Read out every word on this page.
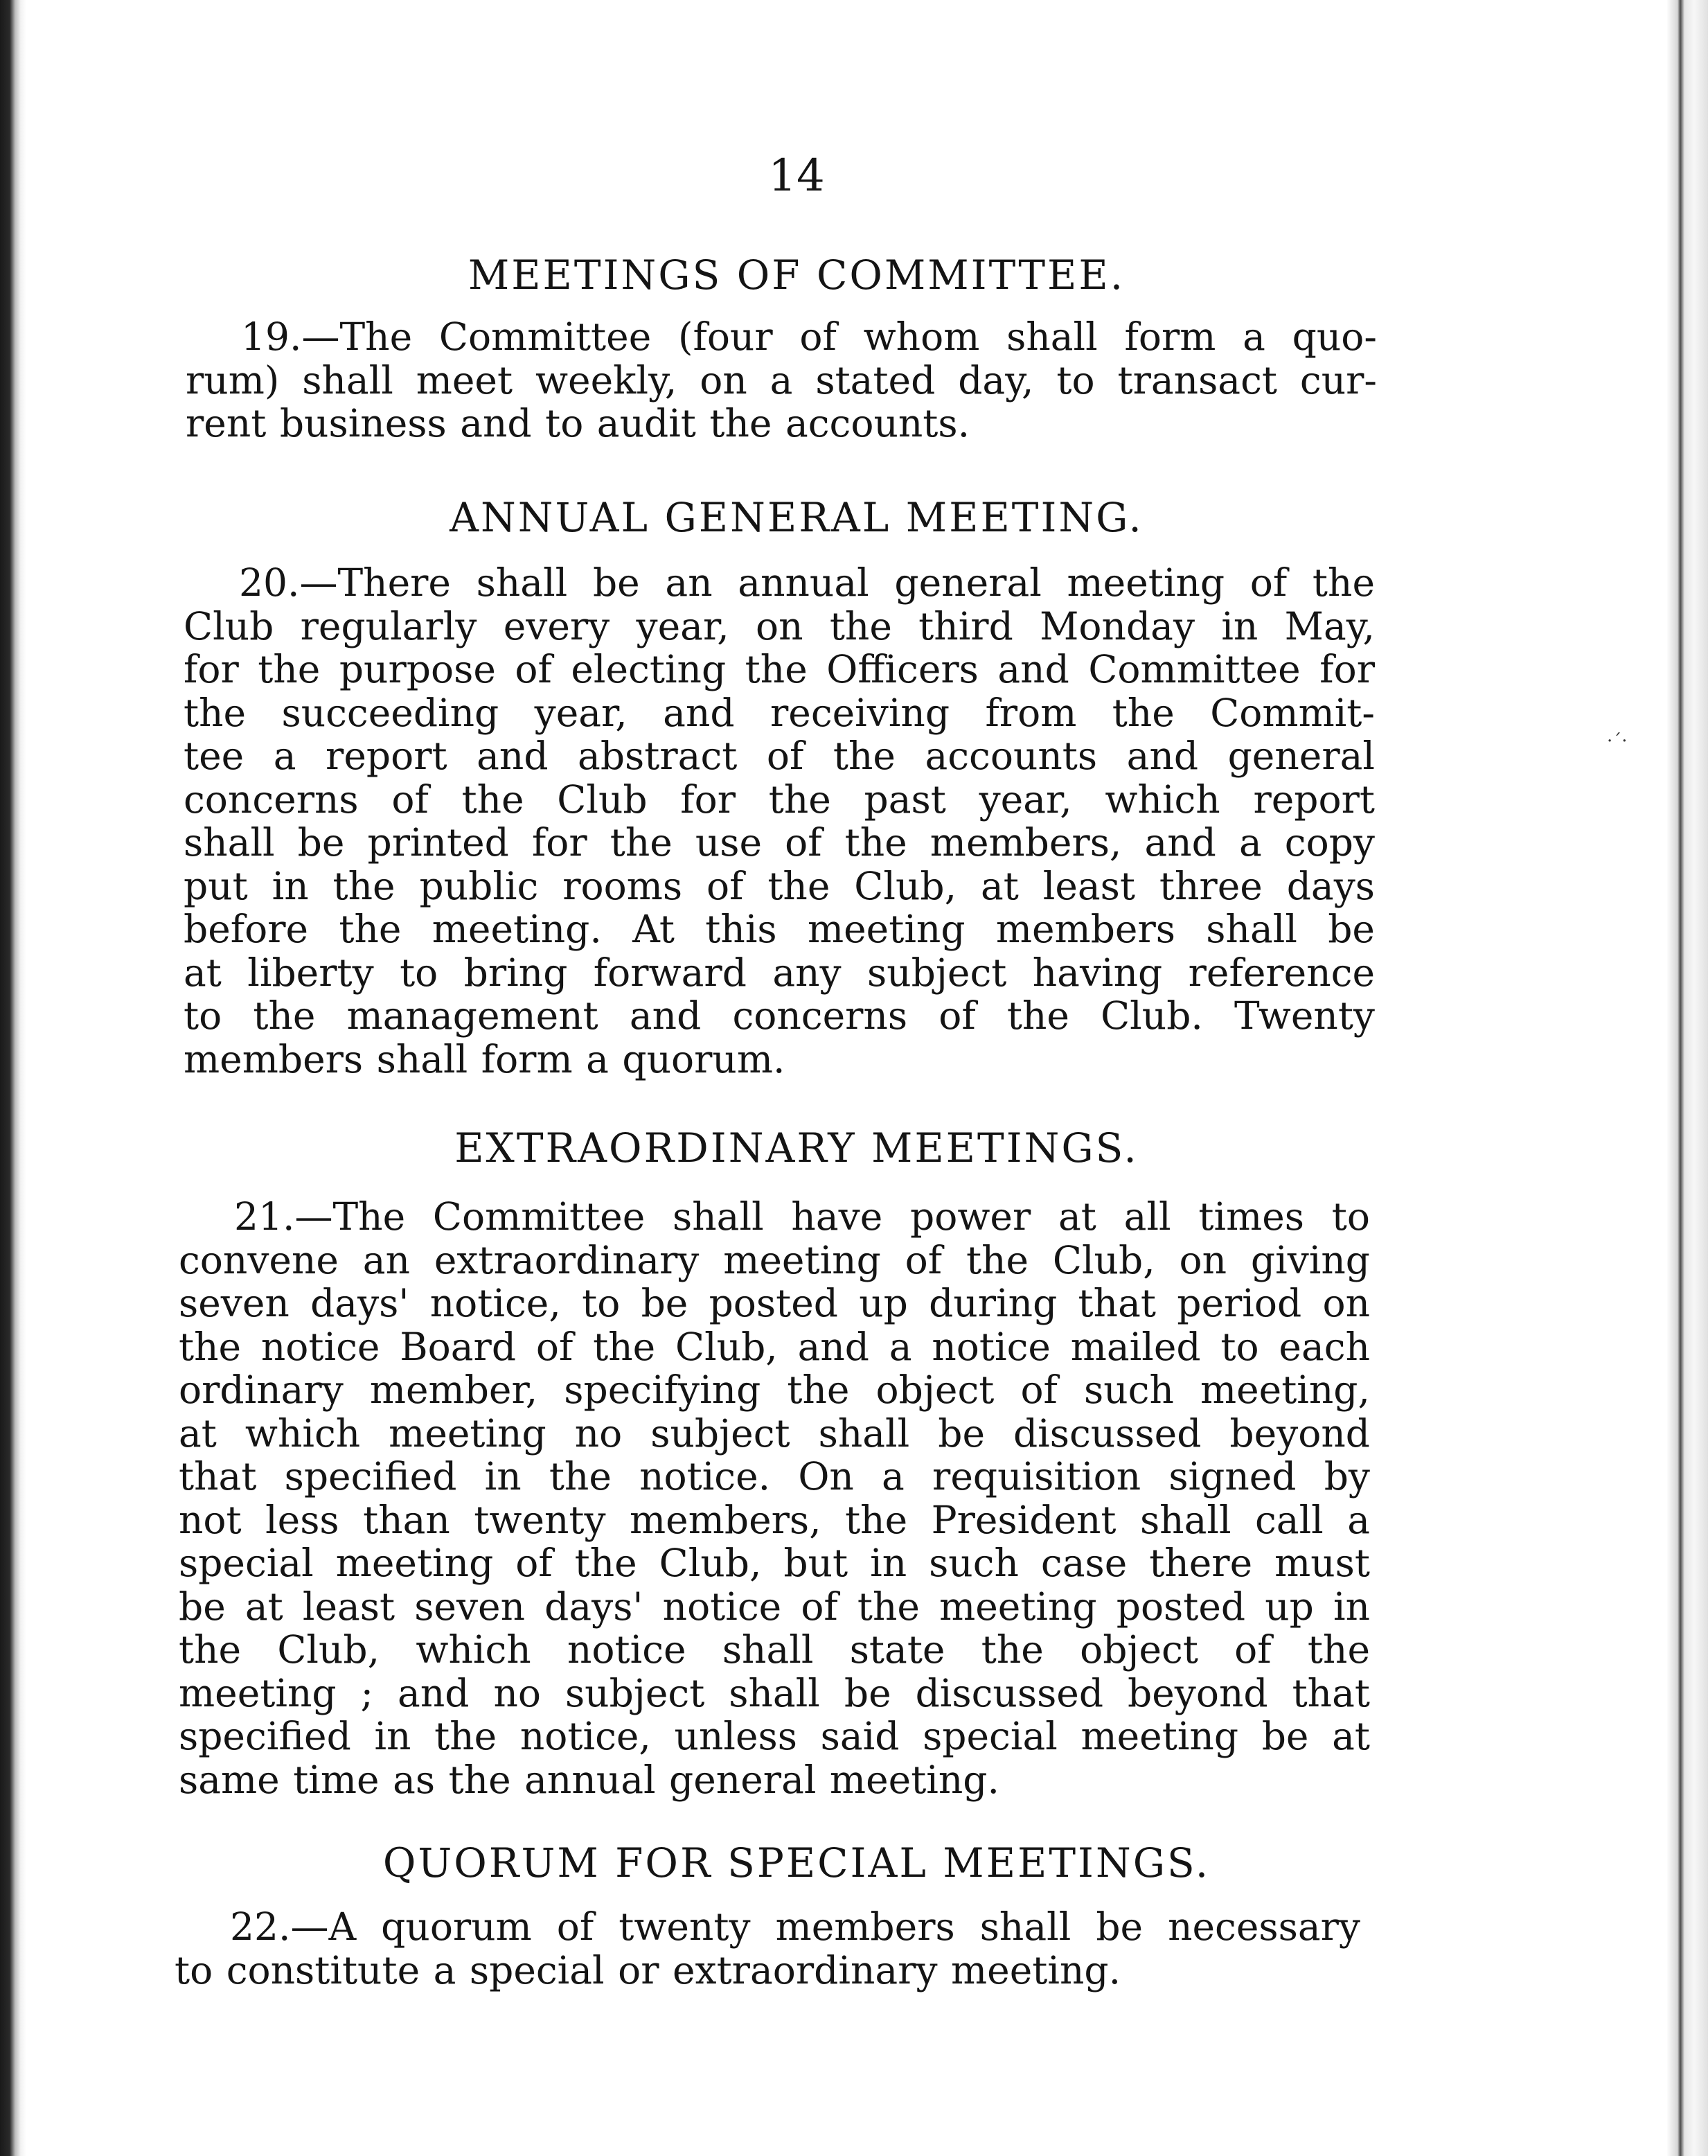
·ˊ·
14
MEETINGS OF COMMITTEE.
19.—The Committee (four of whom shall form a quo-
rum) shall meet weekly, on a stated day, to transact cur-
rent business and to audit the accounts.
ANNUAL GENERAL MEETING.
20.—There shall be an annual general meeting of the
Club regularly every year, on the third Monday in May,
for the purpose of electing the Officers and Committee for
the succeeding year, and receiving from the Commit-
tee a report and abstract of the accounts and general
concerns of the Club for the past year, which report
shall be printed for the use of the members, and a copy
put in the public rooms of the Club, at least three days
before the meeting. At this meeting members shall be
at liberty to bring forward any subject having reference
to the management and concerns of the Club. Twenty
members shall form a quorum.
EXTRAORDINARY MEETINGS.
21.—The Committee shall have power at all times to
convene an extraordinary meeting of the Club, on giving
seven days' notice, to be posted up during that period on
the notice Board of the Club, and a notice mailed to each
ordinary member, specifying the object of such meeting,
at which meeting no subject shall be discussed beyond
that specified in the notice. On a requisition signed by
not less than twenty members, the President shall call a
special meeting of the Club, but in such case there must
be at least seven days' notice of the meeting posted up in
the Club, which notice shall state the object of the
meeting ; and no subject shall be discussed beyond that
specified in the notice, unless said special meeting be at
same time as the annual general meeting.
QUORUM FOR SPECIAL MEETINGS.
22.—A quorum of twenty members shall be necessary
to constitute a special or extraordinary meeting.
